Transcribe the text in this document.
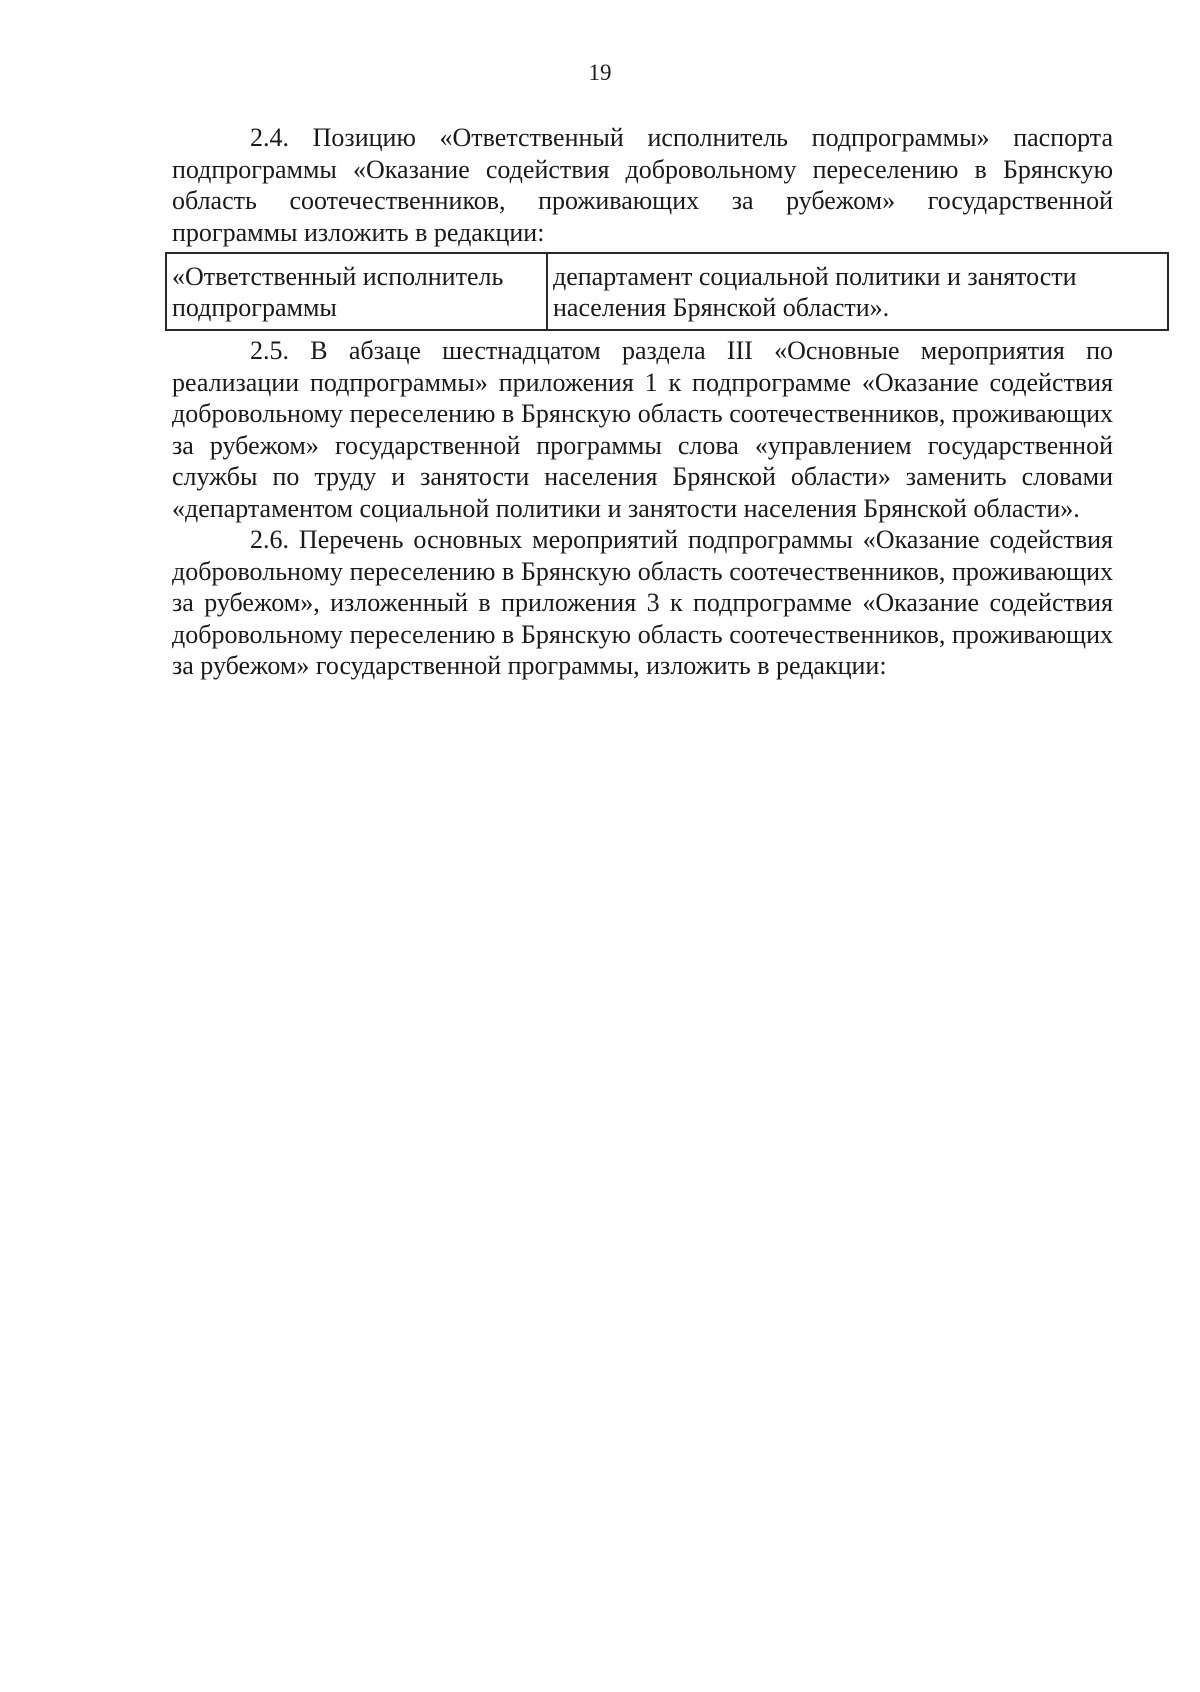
19

2.4. Позицию «Ответственный исполнитель подпрограммы» паспорта подпрограммы «Оказание содействия добровольному переселению в Брянскую область соотечественников, проживающих за рубежом» государственной программы изложить в редакции:

«Ответственный исполнитель подпрограммы	департамент социальной политики и занятости населения Брянской области».

2.5. В абзаце шестнадцатом раздела III «Основные мероприятия по реализации подпрограммы» приложения 1 к подпрограмме «Оказание содействия добровольному переселению в Брянскую область соотечественников, проживающих за рубежом» государственной программы слова «управлением государственной службы по труду и занятости населения Брянской области» заменить словами «департаментом социальной политики и занятости населения Брянской области».

2.6. Перечень основных мероприятий подпрограммы «Оказание содействия добровольному переселению в Брянскую область соотечественников, проживающих за рубежом», изложенный в приложения 3 к подпрограмме «Оказание содействия добровольному переселению в Брянскую область соотечественников, проживающих за рубежом» государственной программы, изложить в редакции:
